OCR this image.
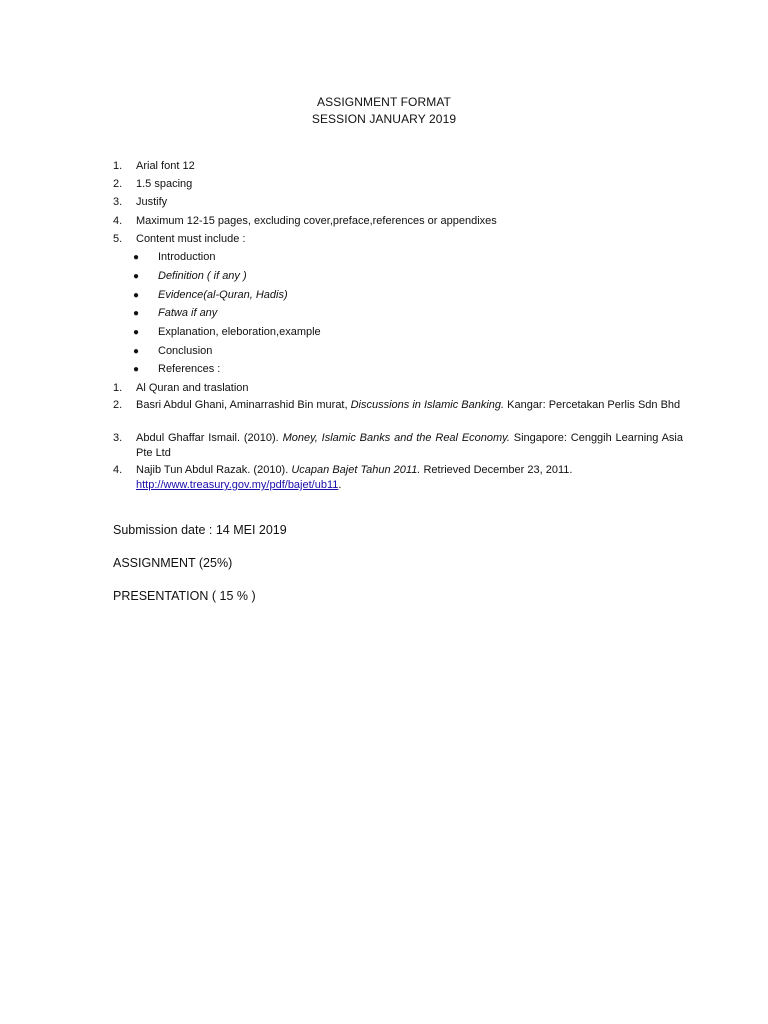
ASSIGNMENT FORMAT
SESSION JANUARY 2019
1. Arial font 12
2. 1.5 spacing
3. Justify
4. Maximum 12-15 pages, excluding cover,preface,references or appendixes
5. Content must include :
● Introduction
● Definition ( if any )
● Evidence(al-Quran, Hadis)
● Fatwa if any
● Explanation, eleboration,example
● Conclusion
● References :
1. Al Quran and traslation
2. Basri Abdul Ghani, Aminarrashid Bin murat, Discussions in Islamic Banking. Kangar: Percetakan Perlis Sdn Bhd
3. Abdul Ghaffar Ismail. (2010). Money, Islamic Banks and the Real Economy. Singapore: Cenggih Learning Asia Pte Ltd
4. Najib Tun Abdul Razak. (2010). Ucapan Bajet Tahun 2011. Retrieved December 23, 2011.
http://www.treasury.gov.my/pdf/bajet/ub11.
Submission date : 14 MEI 2019
ASSIGNMENT (25%)
PRESENTATION ( 15 % )
